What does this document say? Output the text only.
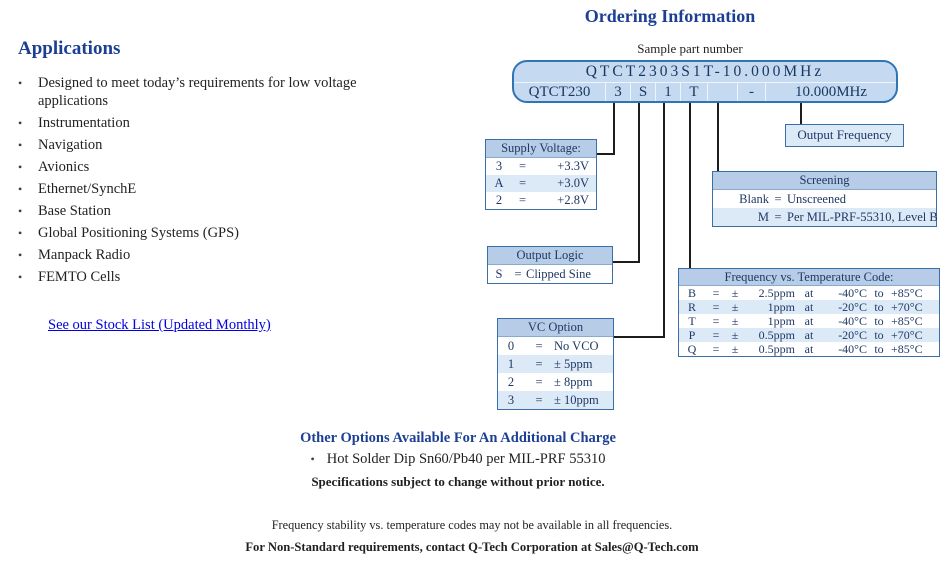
Applications
•	Designed to meet today’s requirements for low voltage applications
•	Instrumentation
•	Navigation
•	Avionics
•	Ethernet/SynchE
•	Base Station
•	Global Positioning Systems (GPS)
•	Manpack Radio
•	FEMTO Cells
See our Stock List (Updated Monthly)
Ordering Information
Sample part number
QTCT2303S1T-10.000MHz
QTCT230	3	S	1	T	-	10.000MHz
Supply Voltage:
3	=	+3.3V
A	=	+3.0V
2	=	+2.8V
Output Frequency
Screening
Blank = Unscreened
M = Per MIL-PRF-55310, Level B
Output Logic
S = Clipped Sine	Frequency vs. Temperature Code:
B	=	±	2.5ppm at	-40°C to +85°C
R	=	±	1ppm at	-20°C to +70°C
T	=	±	1ppm at	-40°C to +85°C
P	=	±	0.5ppm at	-20°C to +70°C
Q	=	±	0.5ppm at	-40°C to +85°C
VC Option
0	= No VCO
1	= ± 5ppm
2	= ± 8ppm
3	= ± 10ppm
Other Options Available For An Additional Charge
• Hot Solder Dip Sn60/Pb40 per MIL-PRF 55310
Specifications subject to change without prior notice.
Frequency stability vs. temperature codes may not be available in all frequencies.
For Non-Standard requirements, contact Q-Tech Corporation at Sales@Q-Tech.com
